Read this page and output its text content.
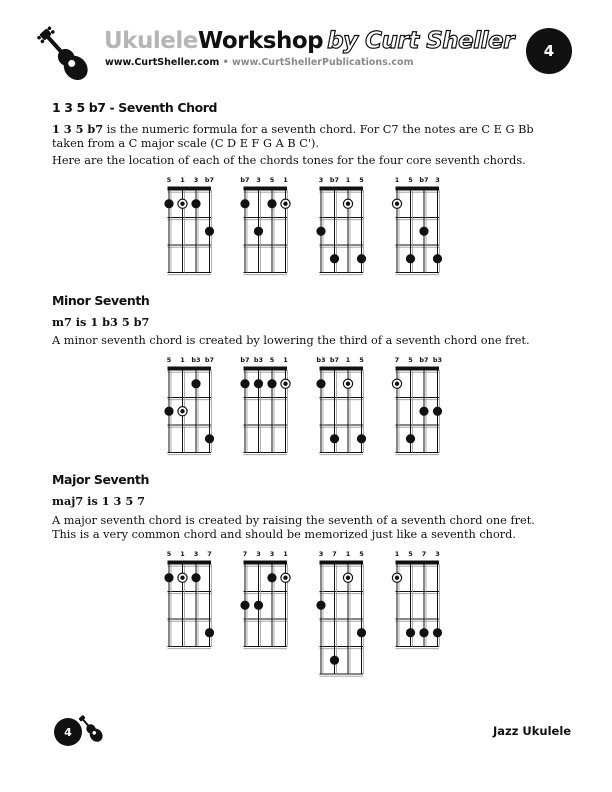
UkuleleWorkshop by Curt Sheller
www.CurtSheller.com • www.CurtShellerPublications.com
4
1 3 5 b7 - Seventh Chord
1 3 5 b7 is the numeric formula for a seventh chord. For C7 the notes are C E G Bb taken from a C major scale (C D E F G A B C').
Here are the location of each of the chords tones for the four core seventh chords.
5 1 3 b7	b7 3 5 1	3 b7 1 5	1 5 b7 3
Minor Seventh
m7 is 1 b3 5 b7
A minor seventh chord is created by lowering the third of a seventh chord one fret.
5 1 b3 b7	b7 b3 5 1	b3 b7 1 5	7 5 b7 b3
Major Seventh
maj7 is 1 3 5 7
A major seventh chord is created by raising the seventh of a seventh chord one fret. This is a very common chord and should be memorized just like a seventh chord.
5 1 3 7	7 3 3 1	3 7 1 5	1 5 7 3
4	Jazz Ukulele
